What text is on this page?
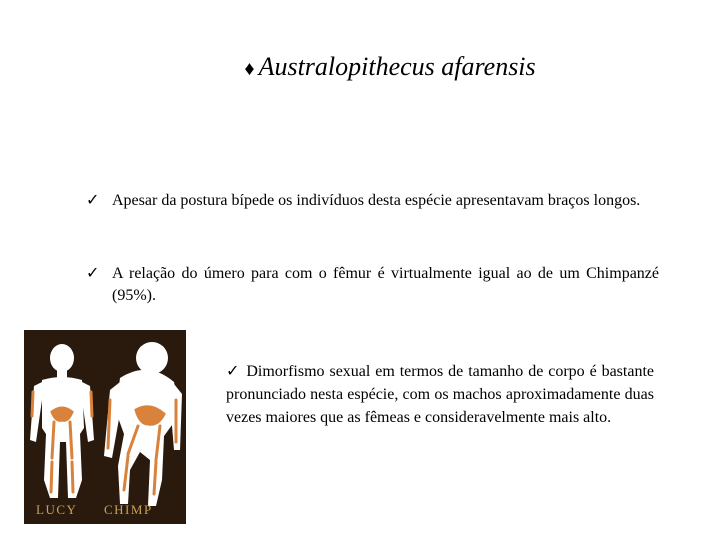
♦ Australopithecus afarensis
✓ Apesar da postura bípede os indivíduos desta espécie apresentavam braços longos.
✓ A relação do úmero para com o fêmur é virtualmente igual ao de um Chimpanzé (95%).
✓ Dimorfismo sexual em termos de tamanho de corpo é bastante pronunciado nesta espécie, com os machos aproximadamente duas vezes maiores que as fêmeas e consideravelmente mais alto.
LUCY CHIMP
